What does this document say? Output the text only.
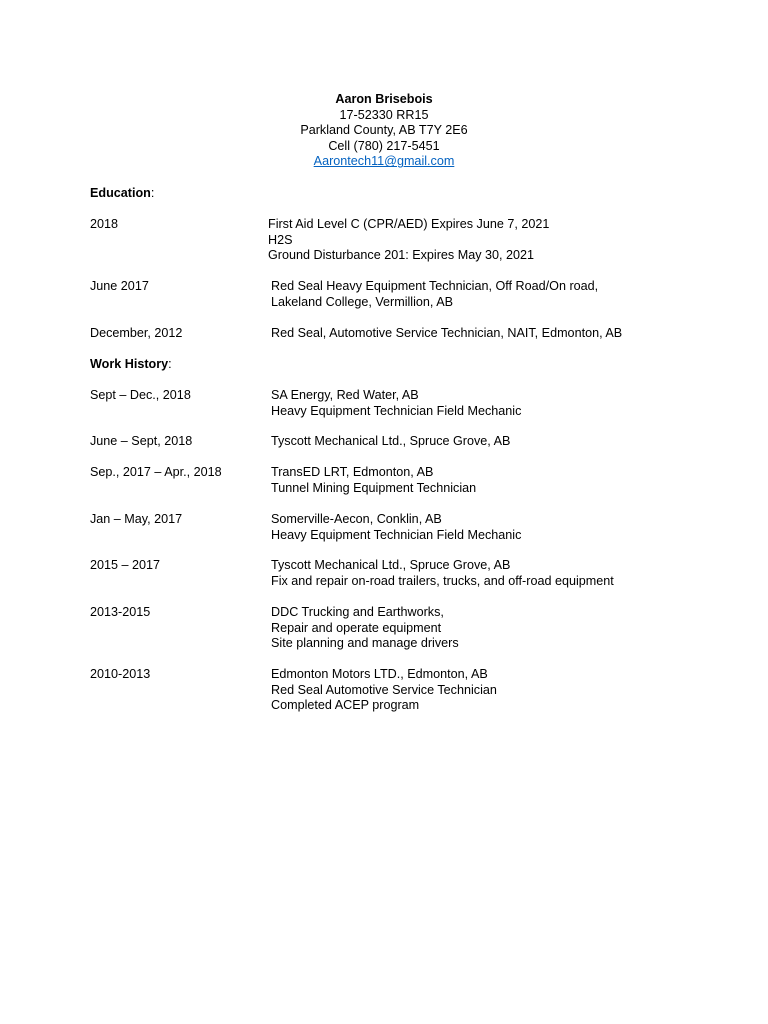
Aaron Brisebois
17-52330 RR15
Parkland County, AB T7Y 2E6
Cell (780) 217-5451
Aarontech11@gmail.com
Education:
2018	First Aid Level C (CPR/AED) Expires June 7, 2021
H2S
Ground Disturbance 201: Expires May 30, 2021
June 2017	Red Seal Heavy Equipment Technician, Off Road/On road,
Lakeland College, Vermillion, AB
December, 2012	Red Seal, Automotive Service Technician, NAIT, Edmonton, AB
Work History:
Sept – Dec., 2018	SA Energy, Red Water, AB
Heavy Equipment Technician Field Mechanic
June – Sept, 2018	Tyscott Mechanical Ltd., Spruce Grove, AB
Sep., 2017 – Apr., 2018	TransED LRT, Edmonton, AB
Tunnel Mining Equipment Technician
Jan – May, 2017	Somerville-Aecon, Conklin, AB
Heavy Equipment Technician Field Mechanic
2015 – 2017	Tyscott Mechanical Ltd., Spruce Grove, AB
Fix and repair on-road trailers, trucks, and off-road equipment
2013-2015	DDC Trucking and Earthworks,
Repair and operate equipment
Site planning and manage drivers
2010-2013	Edmonton Motors LTD., Edmonton, AB
Red Seal Automotive Service Technician
Completed ACEP program
